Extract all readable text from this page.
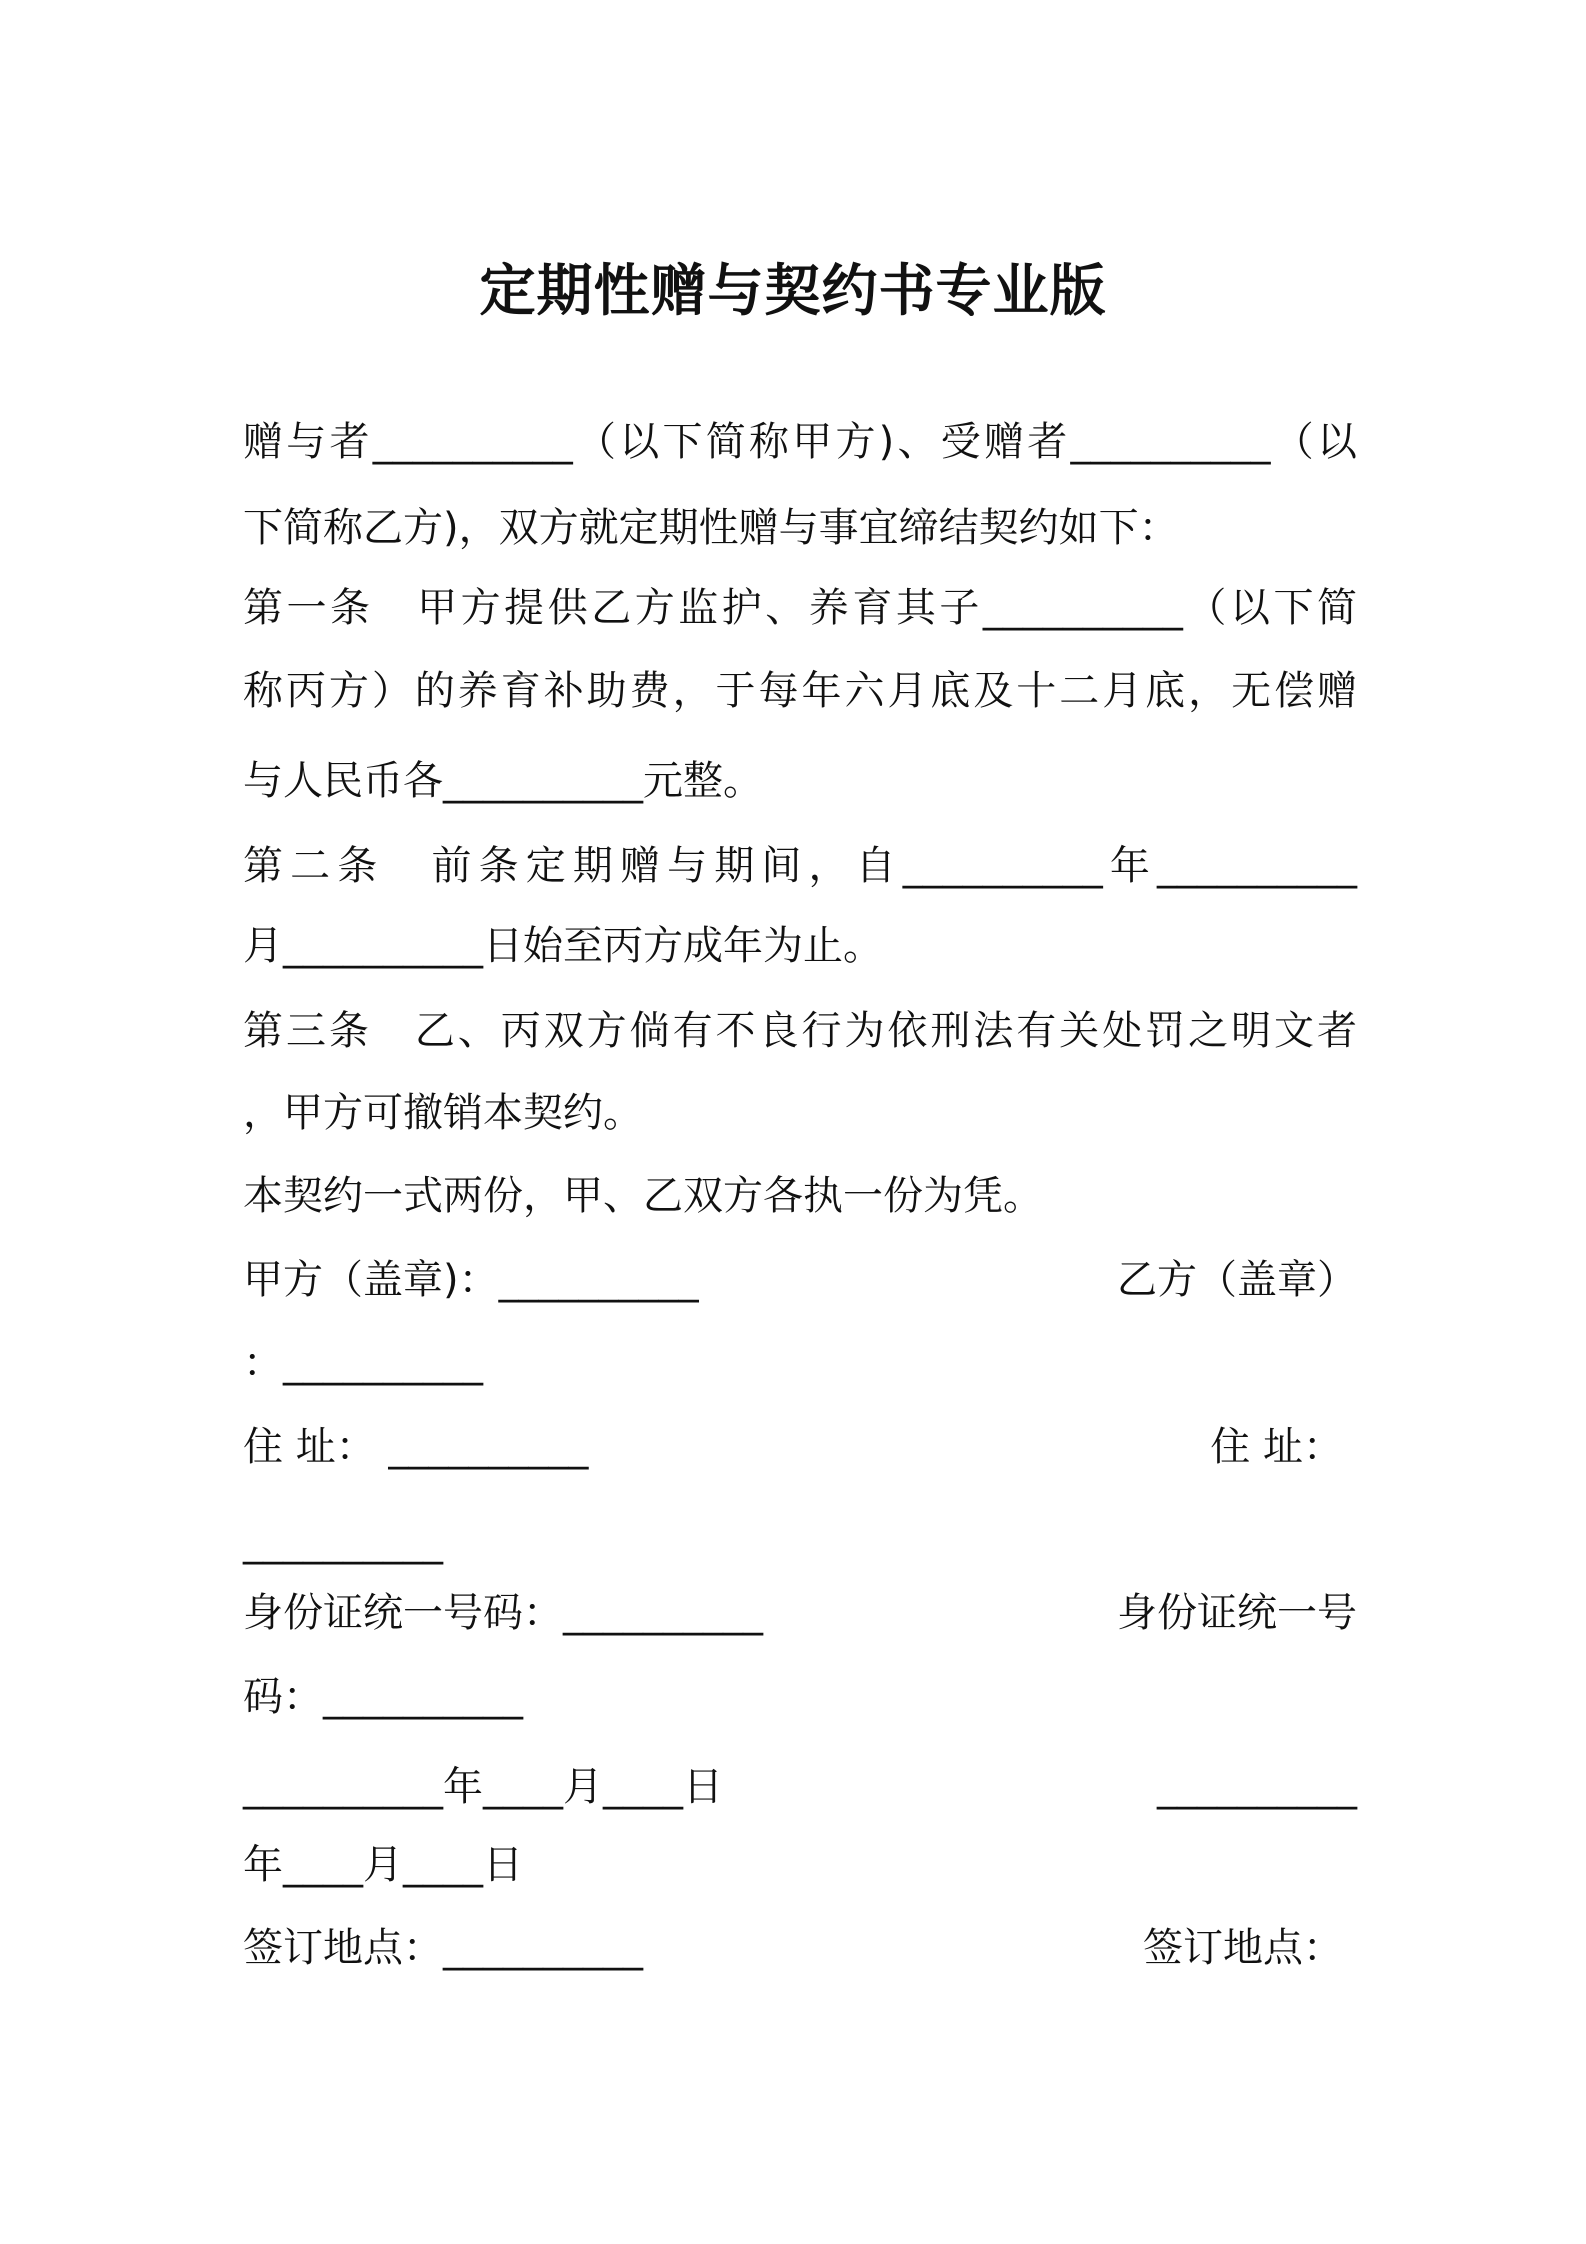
定期性赠与契约书专业版
赠与者__________（以下简称甲方)、受赠者__________（以
下简称乙方)，双方就定期性赠与事宜缔结契约如下：
第一条　甲方提供乙方监护、养育其子__________（以下简
称丙方）的养育补助费，于每年六月底及十二月底，无偿赠
与人民币各__________元整。
第二条　前条定期赠与期间，自__________年__________
月__________日始至丙方成年为止。
第三条　乙、丙双方倘有不良行为依刑法有关处罚之明文者
，甲方可撤销本契约。
本契约一式两份，甲、乙双方各执一份为凭。
甲方（盖章)：__________	乙方（盖章）
：__________
住 址： __________	住 址：
__________
身份证统一号码：__________	身份证统一号
码：__________
__________年____月____日	__________
年____月____日
签订地点：__________	签订地点：
